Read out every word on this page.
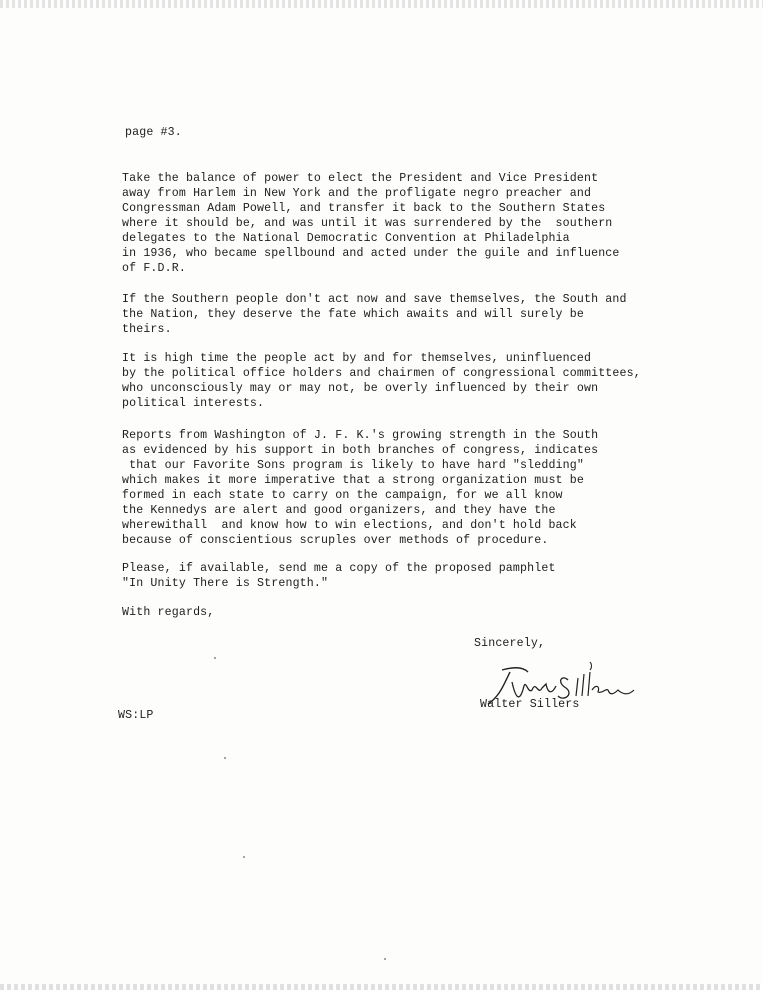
page #3.
Take the balance of power to elect the President and Vice President
away from Harlem in New York and the profligate negro preacher and
Congressman Adam Powell, and transfer it back to the Southern States
where it should be, and was until it was surrendered by the  southern
delegates to the National Democratic Convention at Philadelphia
in 1936, who became spellbound and acted under the guile and influence
of F.D.R.
If the Southern people don't act now and save themselves, the South and
the Nation, they deserve the fate which awaits and will surely be
theirs.
It is high time the people act by and for themselves, uninfluenced
by the political office holders and chairmen of congressional committees,
who unconsciously may or may not, be overly influenced by their own
political interests.
Reports from Washington of J. F. K.'s growing strength in the South
as evidenced by his support in both branches of congress, indicates
that our Favorite Sons program is likely to have hard "sledding"
which makes it more imperative that a strong organization must be
formed in each state to carry on the campaign, for we all know
the Kennedys are alert and good organizers, and they have the
wherewithall  and know how to win elections, and don't hold back
because of conscientious scruples over methods of procedure.
Please, if available, send me a copy of the proposed pamphlet
"In Unity There is Strength."
With regards,
Sincerely,
Walter Sillers
WS:LP
